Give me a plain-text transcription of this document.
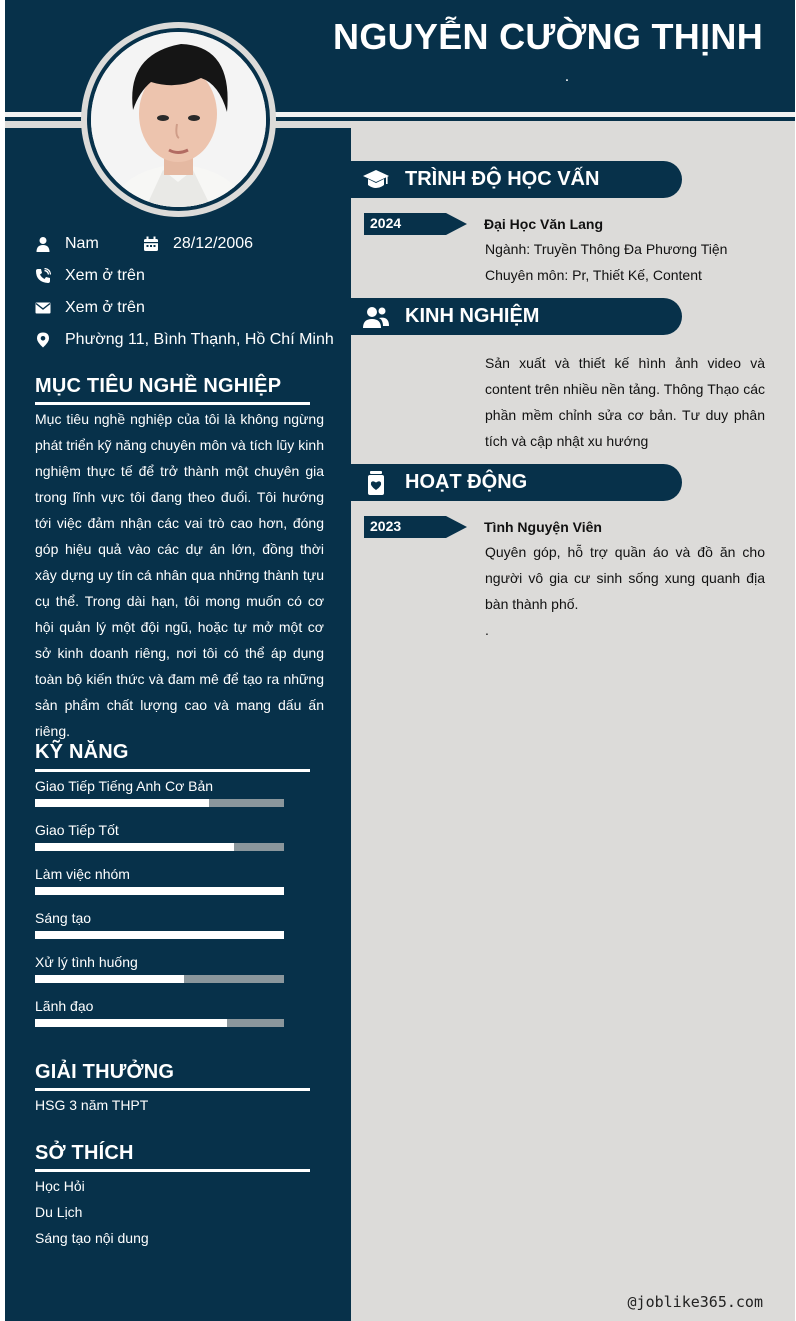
NGUYỄN CƯỜNG THỊNH
.
Nam	28/12/2006
Xem ở trên
Xem ở trên
Phường 11, Bình Thạnh, Hồ Chí Minh
MỤC TIÊU NGHỀ NGHIỆP
Mục tiêu nghề nghiệp của tôi là không ngừng phát triển kỹ năng chuyên môn và tích lũy kinh nghiệm thực tế để trở thành một chuyên gia trong lĩnh vực tôi đang theo đuổi. Tôi hướng tới việc đảm nhận các vai trò cao hơn, đóng góp hiệu quả vào các dự án lớn, đồng thời xây dựng uy tín cá nhân qua những thành tựu cụ thể. Trong dài hạn, tôi mong muốn có cơ hội quản lý một đội ngũ, hoặc tự mở một cơ sở kinh doanh riêng, nơi tôi có thể áp dụng toàn bộ kiến thức và đam mê để tạo ra những sản phẩm chất lượng cao và mang dấu ấn riêng.
KỸ NĂNG
Giao Tiếp Tiếng Anh Cơ Bản
Giao Tiếp Tốt
Làm việc nhóm
Sáng tạo
Xử lý tình huống
Lãnh đạo
GIẢI THƯỞNG
HSG 3 năm THPT
SỞ THÍCH
Học Hỏi
Du Lịch
Sáng tạo nội dung
TRÌNH ĐỘ HỌC VẤN
2024	Đại Học Văn Lang
Ngành: Truyền Thông Đa Phương Tiện
Chuyên môn: Pr, Thiết Kế, Content
KINH NGHIỆM
Sản xuất và thiết kế hình ảnh video và content trên nhiều nền tảng. Thông Thạo các phần mềm chỉnh sửa cơ bản. Tư duy phân tích và cập nhật xu hướng
HOẠT ĐỘNG
2023	Tình Nguyện Viên
Quyên góp, hỗ trợ quần áo và đồ ăn cho người vô gia cư sinh sống xung quanh địa bàn thành phố.
.
@joblike365.com
